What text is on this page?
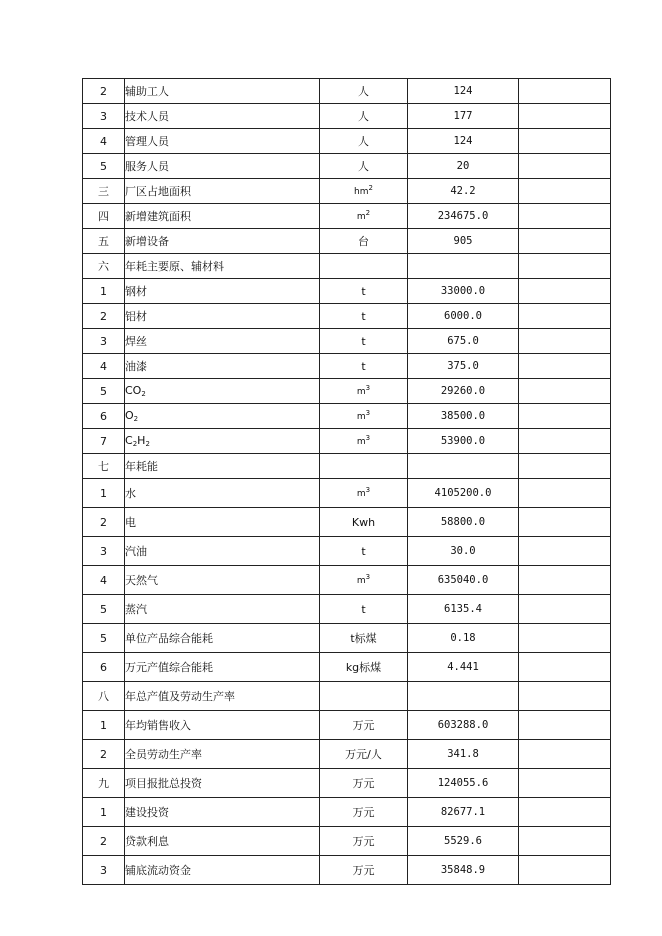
2	辅助工人	人	124	
3	技术人员	人	177	
4	管理人员	人	124	
5	服务人员	人	20	
三	厂区占地面积	$hm^2$	42.2	
四	新增建筑面积	$m^2$	234675.0	
五	新增设备	台	905	
六	年耗主要原、辅材料			
1	钢材	t	33000.0	
2	铝材	t	6000.0	
3	焊丝	t	675.0	
4	油漆	t	375.0	
5	$CO_2$	$m^3$	29260.0	
6	$O_2$	$m^3$	38500.0	
7	$C_2H_2$	$m^3$	53900.0	
七	年耗能			
1	水	$m^3$	4105200.0	
2	电	Kwh	58800.0	
3	汽油	t	30.0	
4	天然气	$m^3$	635040.0	
5	蒸汽	t	6135.4	
5	单位产品综合能耗	t标煤	0.18	
6	万元产值综合能耗	kg标煤	4.441	
八	年总产值及劳动生产率			
1	年均销售收入	万元	603288.0	
2	全员劳动生产率	万元/人	341.8	
九	项目报批总投资	万元	124055.6	
1	建设投资	万元	82677.1	
2	贷款利息	万元	5529.6	
3	铺底流动资金	万元	35848.9	
